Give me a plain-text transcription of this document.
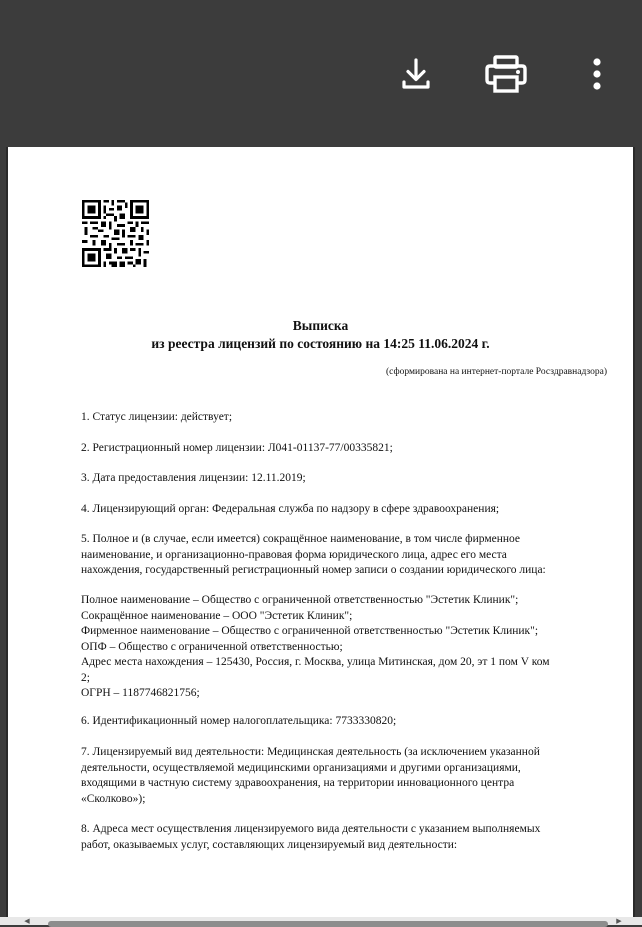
Выписка
из реестра лицензий по состоянию на 14:25 11.06.2024 г.
(сформирована на интернет-портале Росздравнадзора)
1. Статус лицензии: действует;
2. Регистрационный номер лицензии: Л041-01137-77/00335821;
3. Дата предоставления лицензии: 12.11.2019;
4. Лицензирующий орган: Федеральная служба по надзору в сфере здравоохранения;
5. Полное и (в случае, если имеется) сокращённое наименование, в том числе фирменное
наименование, и организационно-правовая форма юридического лица, адрес его места
нахождения, государственный регистрационный номер записи о создании юридического лица:
Полное наименование – Общество с ограниченной ответственностью "Эстетик Клиник";
Сокращённое наименование – ООО "Эстетик Клиник";
Фирменное наименование – Общество с ограниченной ответственностью "Эстетик Клиник";
ОПФ – Общество с ограниченной ответственностью;
Адрес места нахождения – 125430, Россия, г. Москва, улица Митинская, дом 20, эт 1 пом V ком
2;
ОГРН – 1187746821756;
6. Идентификационный номер налогоплательщика: 7733330820;
7. Лицензируемый вид деятельности: Медицинская деятельность (за исключением указанной
деятельности, осуществляемой медицинскими организациями и другими организациями,
входящими в частную систему здравоохранения, на территории инновационного центра
«Сколково»);
8. Адреса мест осуществления лицензируемого вида деятельности с указанием выполняемых
работ, оказываемых услуг, составляющих лицензируемый вид деятельности:
◀	▶
